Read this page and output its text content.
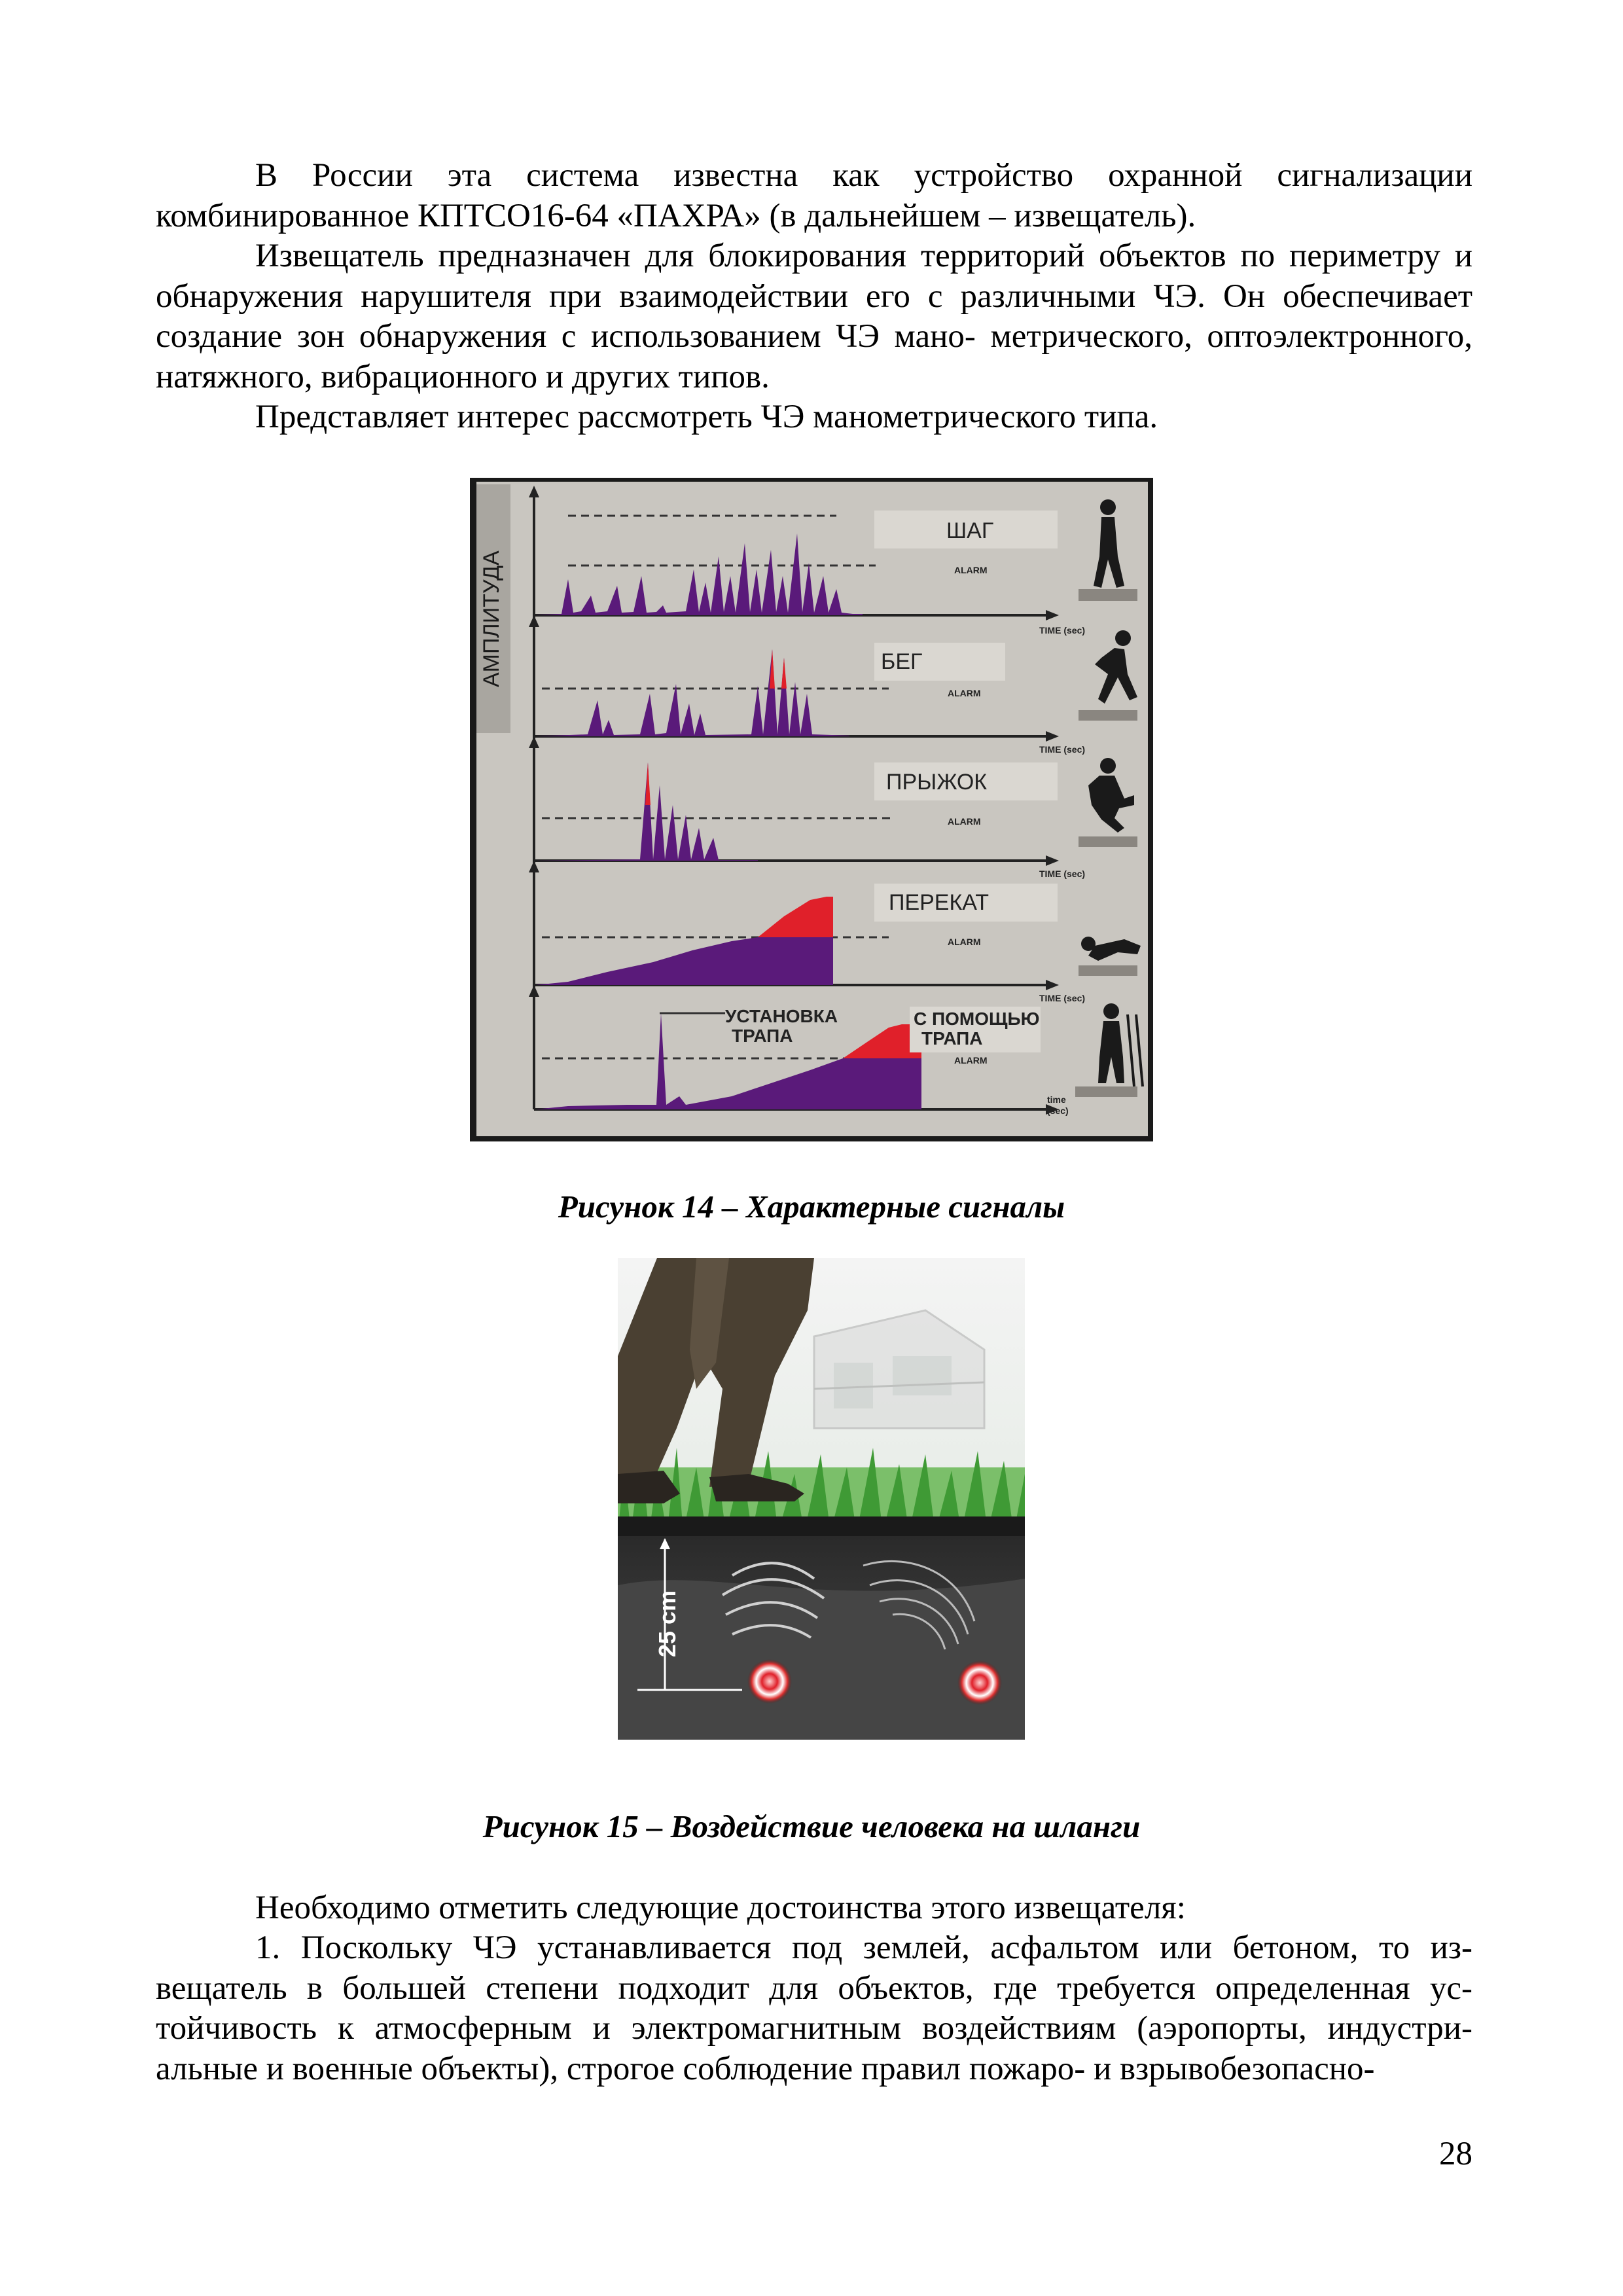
В России эта система известна как устройство охранной сигнализации комбинированное КПТСО16-64 «ПАХРА» (в дальнейшем – извещатель).

Извещатель предназначен для блокирования территорий объектов по периметру и обнаружения нарушителя при взаимодействии его с различными ЧЭ. Он обеспечивает создание зон обнаружения с использованием ЧЭ мано- метрического, оптоэлектронного, натяжного, вибрационного и других типов.

Представляет интерес рассмотреть ЧЭ манометрического типа.

АМПЛИТУДА
ШАГ
ALARM
TIME (sec)
БЕГ
ALARM
TIME (sec)
ПРЫЖОК
ALARM
TIME (sec)
ПЕРЕКАТ
ALARM
TIME (sec)
УСТАНОВКА
ТРАПА
С ПОМОЩЬЮ
ТРАПА
ALARM
time
(sec)

Рисунок 14 – Характерные сигналы

25 cm

Рисунок 15 – Воздействие человека на шланги

Необходимо отметить следующие достоинства этого извещателя:

1. Поскольку ЧЭ устанавливается под землей, асфальтом или бетоном, то из-вещатель в большей степени подходит для объектов, где требуется определенная ус-тойчивость к атмосферным и электромагнитным воздействиям (аэропорты, индустри-альные и военные объекты), строгое соблюдение правил пожаро- и взрывобезопасно-

28
